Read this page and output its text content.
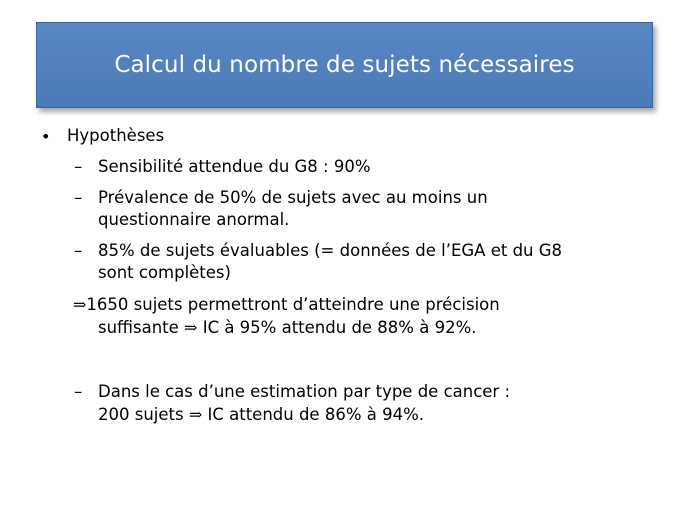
Calcul du nombre de sujets nécessaires
• Hypothèses
– Sensibilité attendue du G8 : 90%
– Prévalence de 50% de sujets avec au moins un
questionnaire anormal.
– 85% de sujets évaluables (= données de l’EGA et du G8
sont complètes)
⇒1650 sujets permettront d’atteindre une précision
suffisante ⇒ IC à 95% attendu de 88% à 92%.
– Dans le cas d’une estimation par type de cancer :
200 sujets ⇒ IC attendu de 86% à 94%.
